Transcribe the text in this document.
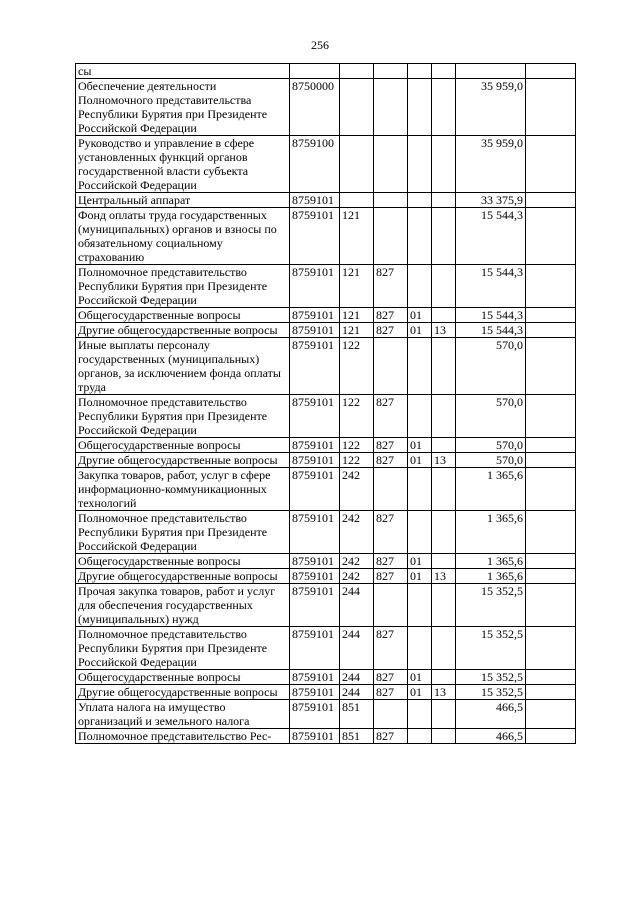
256
сы							
Обеспечение деятельности Полномочного представительства Республики Бурятия при Президенте Российской Федерации	8750000					35 959,0	
Руководство и управление в сфере установленных функций органов государственной власти субъекта Российской Федерации	8759100					35 959,0	
Центральный аппарат	8759101					33 375,9	
Фонд оплаты труда государственных (муниципальных) органов и взносы по обязательному социальному страхованию	8759101	121				15 544,3	
Полномочное представительство Республики Бурятия при Президенте Российской Федерации	8759101	121	827			15 544,3	
Общегосударственные вопросы	8759101	121	827	01		15 544,3	
Другие общегосударственные вопросы	8759101	121	827	01	13	15 544,3	
Иные выплаты персоналу государственных (муниципальных) органов, за исключением фонда оплаты труда	8759101	122				570,0	
Полномочное представительство Республики Бурятия при Президенте Российской Федерации	8759101	122	827			570,0	
Общегосударственные вопросы	8759101	122	827	01		570,0	
Другие общегосударственные вопросы	8759101	122	827	01	13	570,0	
Закупка товаров, работ, услуг в сфере информационно-коммуникационных технологий	8759101	242				1 365,6	
Полномочное представительство Республики Бурятия при Президенте Российской Федерации	8759101	242	827			1 365,6	
Общегосударственные вопросы	8759101	242	827	01		1 365,6	
Другие общегосударственные вопросы	8759101	242	827	01	13	1 365,6	
Прочая закупка товаров, работ и услуг для обеспечения государственных (муниципальных) нужд	8759101	244				15 352,5	
Полномочное представительство Республики Бурятия при Президенте Российской Федерации	8759101	244	827			15 352,5	
Общегосударственные вопросы	8759101	244	827	01		15 352,5	
Другие общегосударственные вопросы	8759101	244	827	01	13	15 352,5	
Уплата налога на имущество организаций и земельного налога	8759101	851				466,5	
Полномочное представительство Рес-	8759101	851	827			466,5	
